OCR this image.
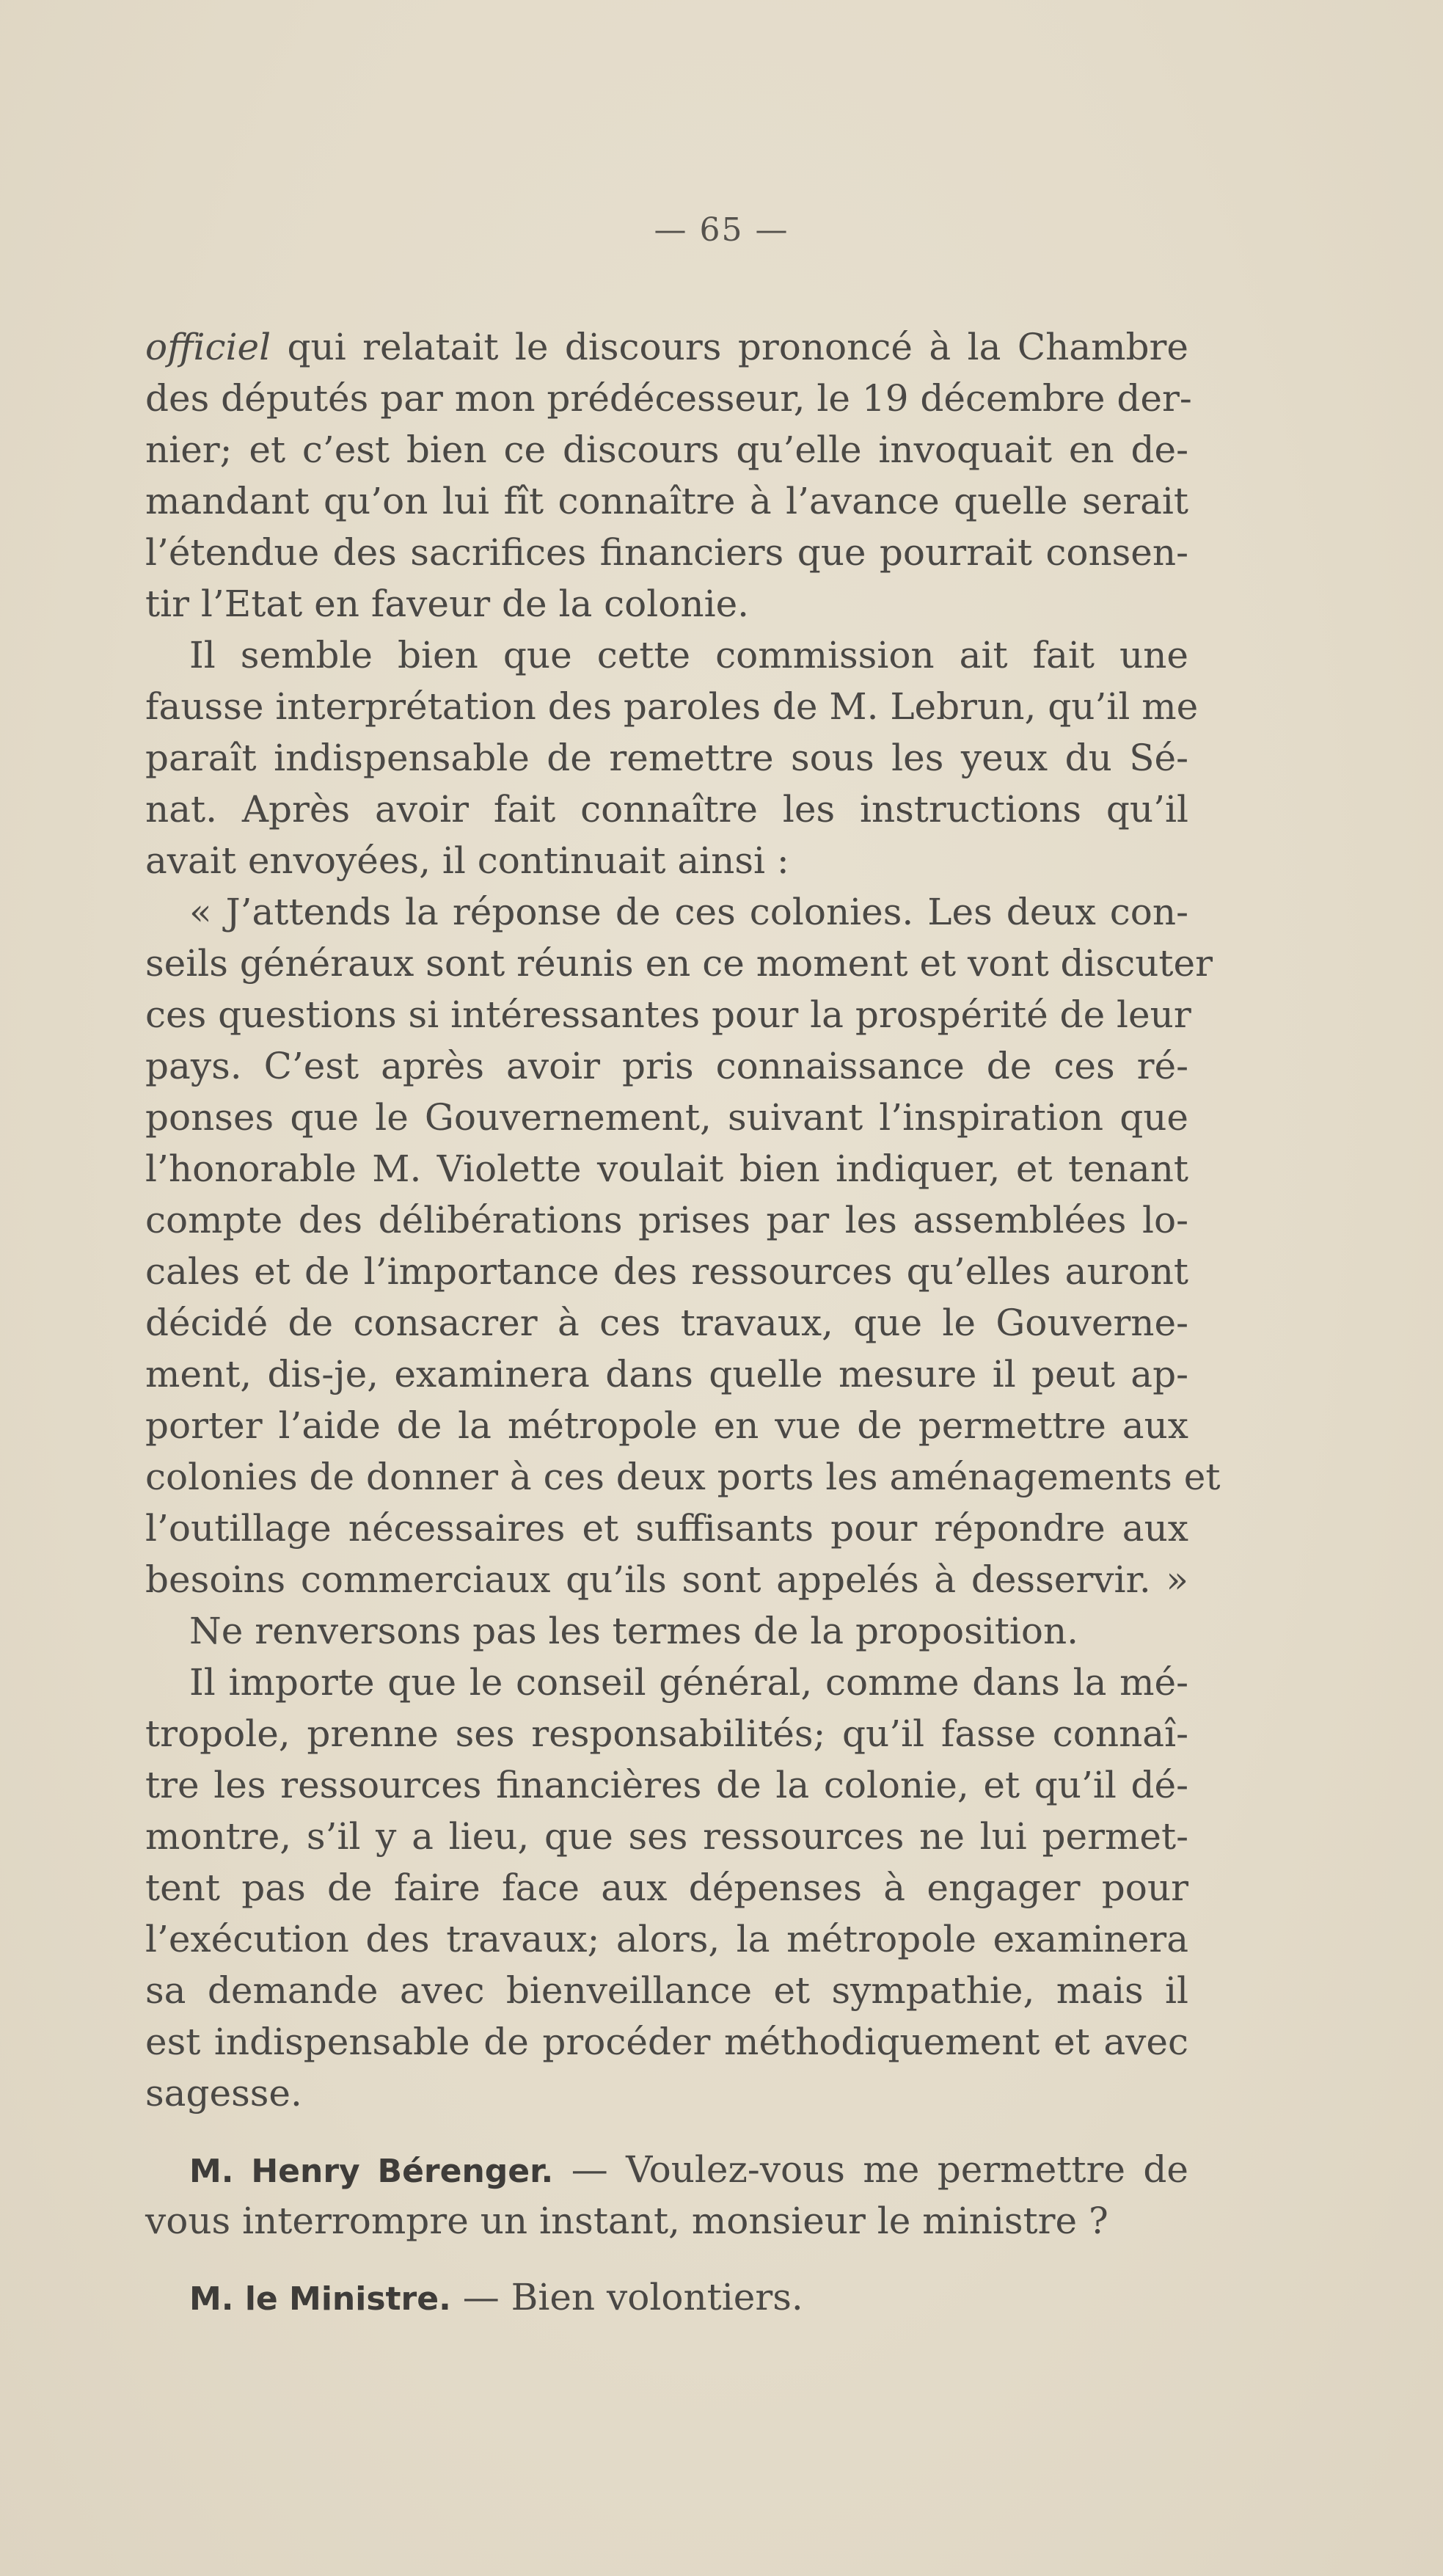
— 65 —
officiel qui relatait le discours prononcé à la Chambre
des députés par mon prédécesseur, le 19 décembre der-
nier; et c’est bien ce discours qu’elle invoquait en de-
mandant qu’on lui fît connaître à l’avance quelle serait
l’étendue des sacrifices financiers que pourrait consen-
tir l’Etat en faveur de la colonie.
Il semble bien que cette commission ait fait une
fausse interprétation des paroles de M. Lebrun, qu’il me
paraît indispensable de remettre sous les yeux du Sé-
nat. Après avoir fait connaître les instructions qu’il
avait envoyées, il continuait ainsi :
« J’attends la réponse de ces colonies. Les deux con-
seils généraux sont réunis en ce moment et vont discuter
ces questions si intéressantes pour la prospérité de leur
pays. C’est après avoir pris connaissance de ces ré-
ponses que le Gouvernement, suivant l’inspiration que
l’honorable M. Violette voulait bien indiquer, et tenant
compte des délibérations prises par les assemblées lo-
cales et de l’importance des ressources qu’elles auront
décidé de consacrer à ces travaux, que le Gouverne-
ment, dis-je, examinera dans quelle mesure il peut ap-
porter l’aide de la métropole en vue de permettre aux
colonies de donner à ces deux ports les aménagements et
l’outillage nécessaires et suffisants pour répondre aux
besoins commerciaux qu’ils sont appelés à desservir. »
Ne renversons pas les termes de la proposition.
Il importe que le conseil général, comme dans la mé-
tropole, prenne ses responsabilités; qu’il fasse connaî-
tre les ressources financières de la colonie, et qu’il dé-
montre, s’il y a lieu, que ses ressources ne lui permet-
tent pas de faire face aux dépenses à engager pour
l’exécution des travaux; alors, la métropole examinera
sa demande avec bienveillance et sympathie, mais il
est indispensable de procéder méthodiquement et avec
sagesse.
M. Henry Bérenger. — Voulez-vous me permettre de
vous interrompre un instant, monsieur le ministre ?
M. le Ministre. — Bien volontiers.
